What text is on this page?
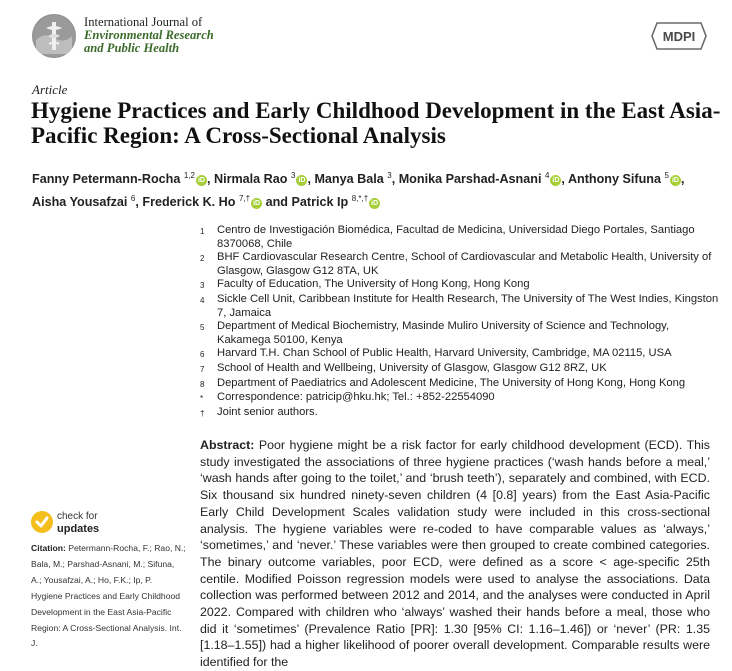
International Journal of
Environmental Research
and Public Health
MDPI
Article
Hygiene Practices and Early Childhood Development in the East Asia-Pacific Region: A Cross-Sectional Analysis
Fanny Petermann-Rocha $^{1,2}$iD , Nirmala Rao $^3$iD , Manya Bala $^3$, Monika Parshad-Asnani $^4$iD , Anthony Sifuna $^5$iD ,
Aisha Yousafzai $^6$, Frederick K. Ho $^{7,\dagger}$iD and Patrick Ip $^{8,*,\dagger}$iD
1	Centro de Investigación Biomédica, Facultad de Medicina, Universidad Diego Portales, Santiago 8370068, Chile
2	BHF Cardiovascular Research Centre, School of Cardiovascular and Metabolic Health, University of Glasgow, Glasgow G12 8TA, UK
3	Faculty of Education, The University of Hong Kong, Hong Kong
4	Sickle Cell Unit, Caribbean Institute for Health Research, The University of The West Indies, Kingston 7, Jamaica
5	Department of Medical Biochemistry, Masinde Muliro University of Science and Technology, Kakamega 50100, Kenya
6	Harvard T.H. Chan School of Public Health, Harvard University, Cambridge, MA 02115, USA
7	School of Health and Wellbeing, University of Glasgow, Glasgow G12 8RZ, UK
8	Department of Paediatrics and Adolescent Medicine, The University of Hong Kong, Hong Kong
*	Correspondence: patricip@hku.hk; Tel.: +852-22554090
†	Joint senior authors.

Abstract: Poor hygiene might be a risk factor for early childhood development (ECD). This study investigated the associations of three hygiene practices (‘wash hands before a meal,’ ‘wash hands after going to the toilet,’ and ‘brush teeth’), separately and combined, with ECD. Six thousand six hundred ninety-seven children (4 [0.8] years) from the East Asia-Pacific Early Child Development Scales validation study were included in this cross-sectional analysis. The hygiene variables were re-coded to have comparable values as ‘always,’ ‘sometimes,’ and ‘never.’ These variables were then grouped to create combined categories. The binary outcome variables, poor ECD, were defined as a score < age-specific 25th centile. Modified Poisson regression models were used to analyse the associations. Data collection was performed between 2012 and 2014, and the analyses were conducted in April 2022. Compared with children who ‘always’ washed their hands before a meal, those who did it ‘sometimes’ (Prevalence Ratio [PR]: 1.30 [95% CI: 1.16–1.46]) or ‘never’ (PR: 1.35 [1.18–1.55]) had a higher likelihood of poorer overall development. Comparable results were identified for the

check for
updates
Citation: Petermann-Rocha, F.; Rao, N.; Bala, M.; Parshad-Asnani, M.; Sifuna, A.; Yousafzai, A.; Ho, F.K.; Ip, P. Hygiene Practices and Early Childhood Development in the East Asia-Pacific Region: A Cross-Sectional Analysis. Int. J.
